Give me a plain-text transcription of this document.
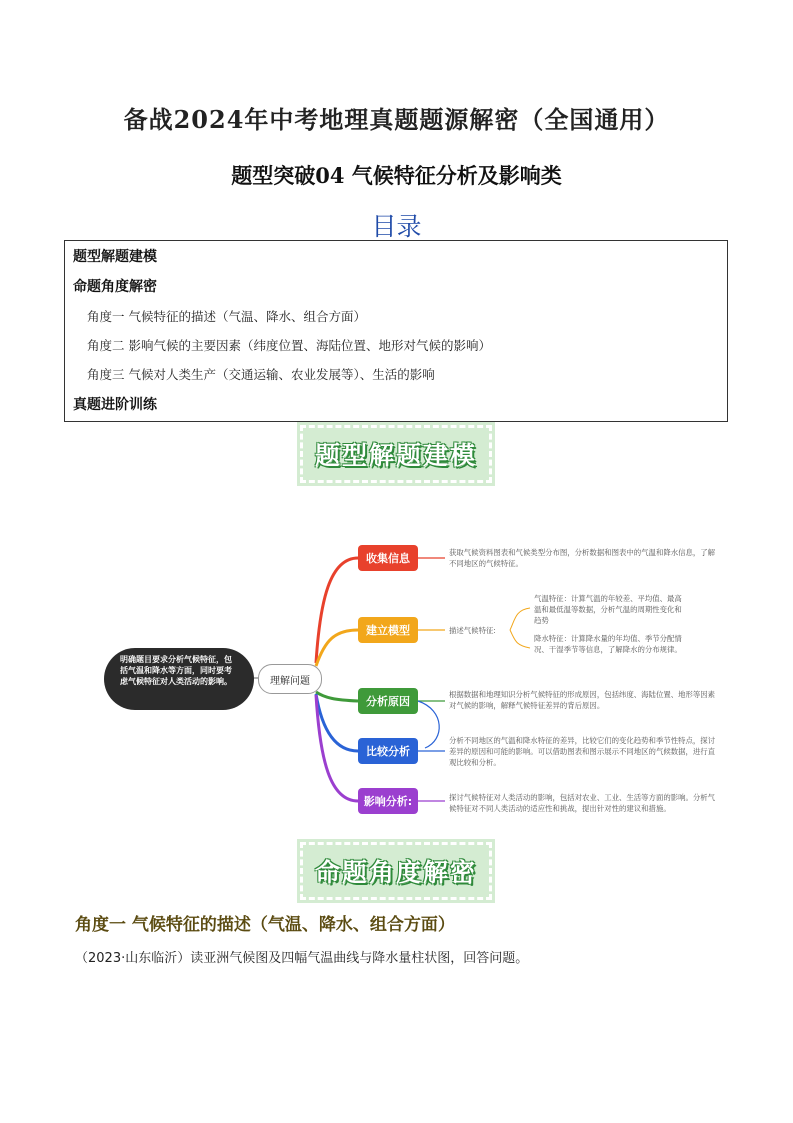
备战2024年中考地理真题题源解密（全国通用）
题型突破04 气候特征分析及影响类
目录
题型解题建模
命题角度解密
角度一 气候特征的描述（气温、降水、组合方面）
角度二 影响气候的主要因素（纬度位置、海陆位置、地形对气候的影响）
角度三 气候对人类生产（交通运输、农业发展等）、生活的影响
真题进阶训练
题型解题建模
明确题目要求分析气候特征，包括气温和降水等方面，同时要考虑气候特征对人类活动的影响。	理解问题
收集信息
建立模型
分析原因
比较分析
影响分析:
获取气候资料图表和气候类型分布图，分析数据和图表中的气温和降水信息，了解不同地区的气候特征。
描述气候特征:
气温特征：计算气温的年较差、平均值、最高温和最低温等数据，分析气温的周期性变化和趋势
降水特征：计算降水量的年均值、季节分配情况、干湿季节等信息，了解降水的分布规律。
根据数据和地理知识分析气候特征的形成原因，包括纬度、海陆位置、地形等因素对气候的影响，解释气候特征差异的背后原因。
分析不同地区的气温和降水特征的差异，比较它们的变化趋势和季节性特点，探讨差异的原因和可能的影响。可以借助图表和图示展示不同地区的气候数据，进行直观比较和分析。
探讨气候特征对人类活动的影响，包括对农业、工业、生活等方面的影响。分析气候特征对不同人类活动的适应性和挑战，提出针对性的建议和措施。
命题角度解密
角度一 气候特征的描述（气温、降水、组合方面）
（2023·山东临沂）读亚洲气候图及四幅气温曲线与降水量柱状图，回答问题。
